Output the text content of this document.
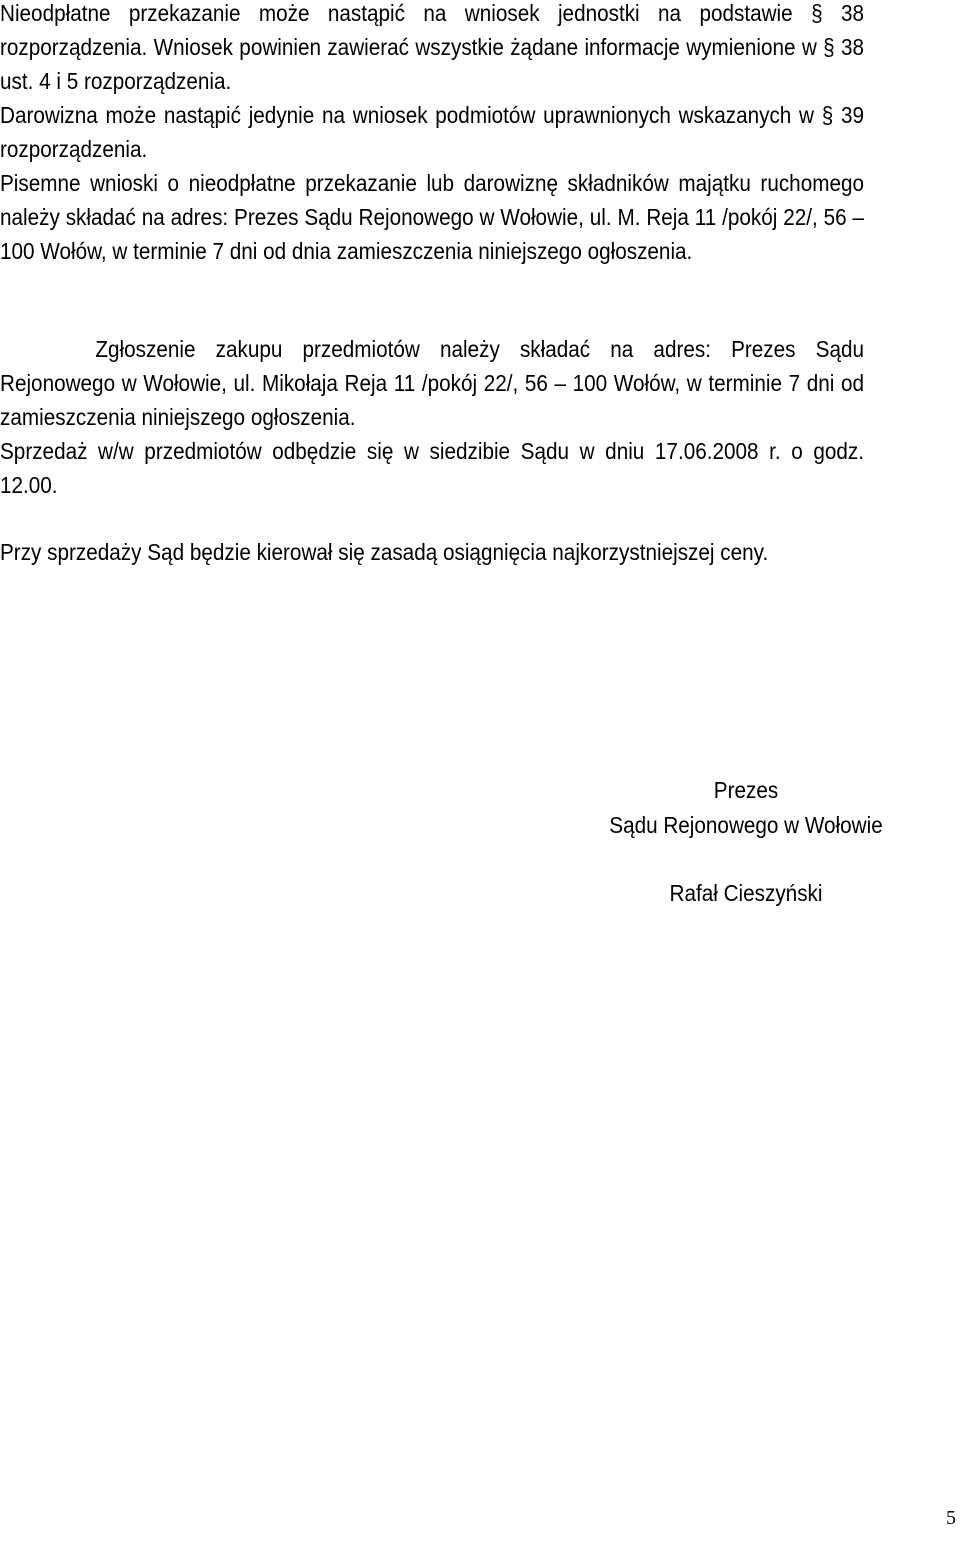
Nieodpłatne przekazanie może nastąpić na wniosek jednostki na podstawie § 38 rozporządzenia. Wniosek powinien zawierać wszystkie żądane informacje wymienione w § 38 ust. 4 i 5 rozporządzenia.

Darowizna może nastąpić jedynie na wniosek podmiotów uprawnionych wskazanych w § 39 rozporządzenia.

Pisemne wnioski o nieodpłatne przekazanie lub darowiznę składników majątku ruchomego należy składać na adres: Prezes Sądu Rejonowego w Wołowie, ul. M. Reja 11 /pokój 22/, 56 – 100 Wołów, w terminie 7 dni od dnia zamieszczenia niniejszego ogłoszenia.

Zgłoszenie zakupu przedmiotów należy składać na adres: Prezes Sądu Rejonowego w Wołowie, ul. Mikołaja Reja 11 /pokój 22/, 56 – 100 Wołów, w terminie 7 dni od zamieszczenia niniejszego ogłoszenia.

Sprzedaż w/w przedmiotów odbędzie się w siedzibie Sądu w dniu 17.06.2008 r. o godz. 12.00.

Przy sprzedaży Sąd będzie kierował się zasadą osiągnięcia najkorzystniejszej ceny.

Prezes
Sądu Rejonowego w Wołowie
Rafał Cieszyński
5
